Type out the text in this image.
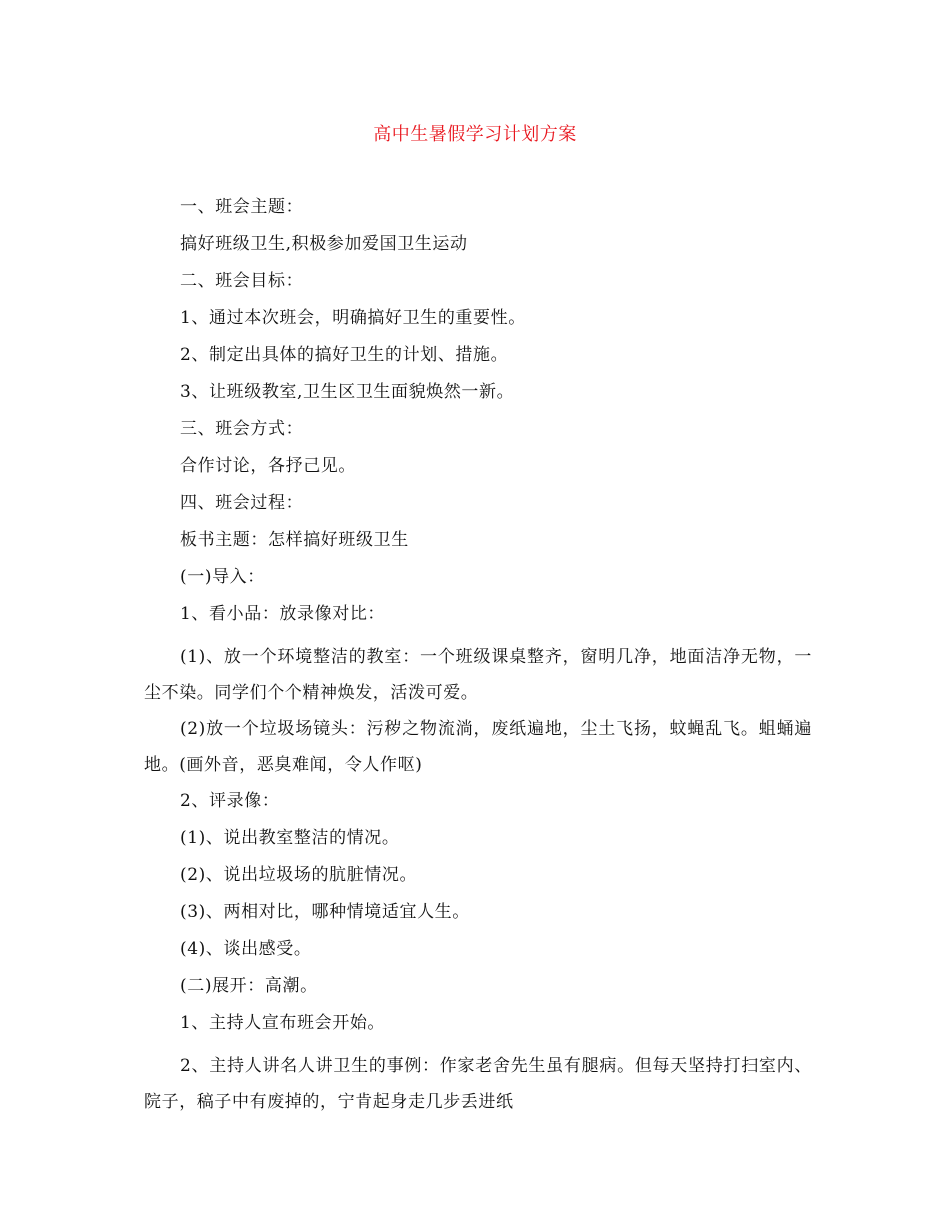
高中生暑假学习计划方案

一、班会主题：

搞好班级卫生,积极参加爱国卫生运动

二、班会目标：

1、通过本次班会，明确搞好卫生的重要性。

2、制定出具体的搞好卫生的计划、措施。

3、让班级教室,卫生区卫生面貌焕然一新。

三、班会方式：

合作讨论，各抒己见。

四、班会过程：

板书主题：怎样搞好班级卫生

(一)导入：

1、看小品：放录像对比：

(1)、放一个环境整洁的教室：一个班级课桌整齐，窗明几净，地面洁净无物，一尘不染。同学们个个精神焕发，活泼可爱。

(2)放一个垃圾场镜头：污秽之物流淌，废纸遍地，尘土飞扬，蚊蝇乱飞。蛆蛹遍地。(画外音，恶臭难闻，令人作呕)

2、评录像：

(1)、说出教室整洁的情况。

(2)、说出垃圾场的肮脏情况。

(3)、两相对比，哪种情境适宜人生。

(4)、谈出感受。

(二)展开：高潮。

1、主持人宣布班会开始。

2、主持人讲名人讲卫生的事例：作家老舍先生虽有腿病。但每天坚持打扫室内、院子，稿子中有废掉的，宁肯起身走几步丢进纸
